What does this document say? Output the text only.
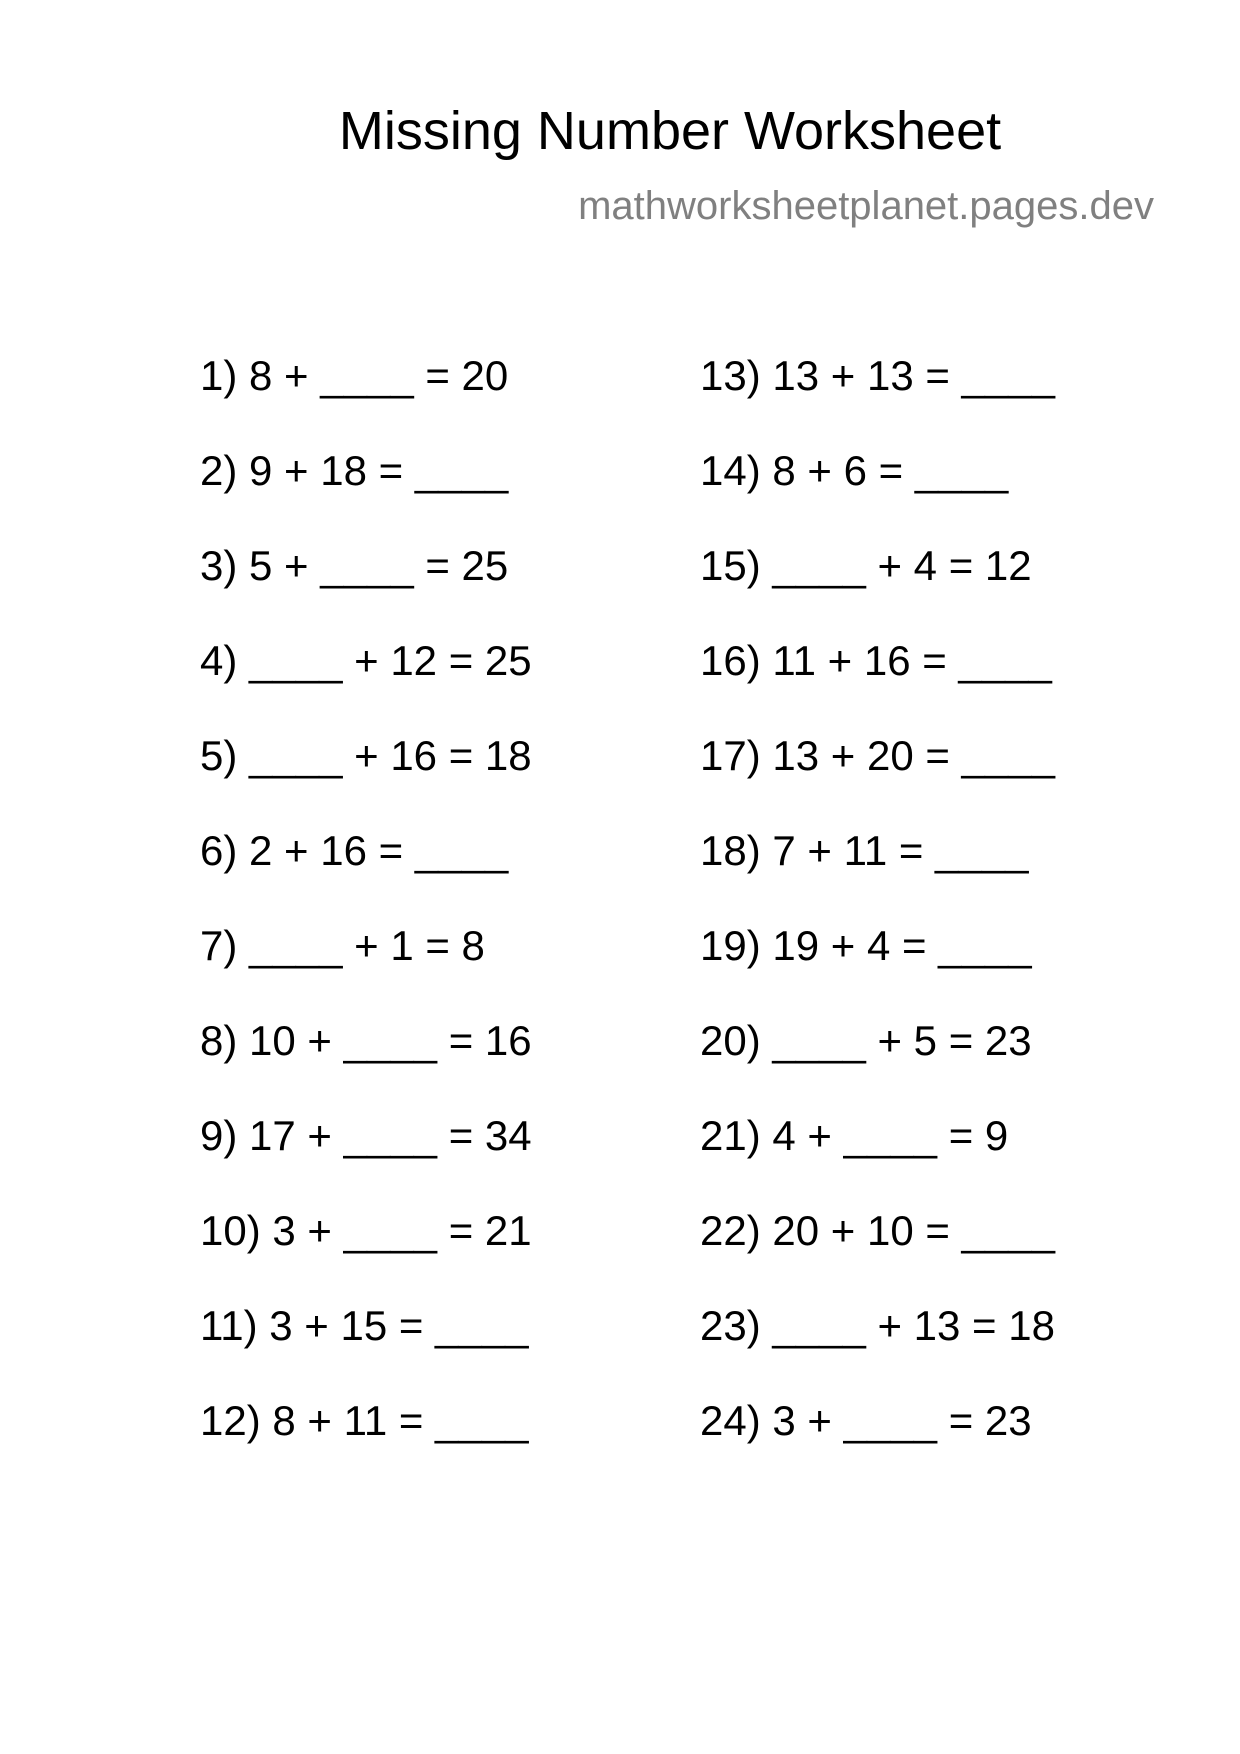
Missing Number Worksheet
mathworksheetplanet.pages.dev
1) 8 + ____ = 20
2) 9 + 18 = ____
3) 5 + ____ = 25
4) ____ + 12 = 25
5) ____ + 16 = 18
6) 2 + 16 = ____
7) ____ + 1 = 8
8) 10 + ____ = 16
9) 17 + ____ = 34
10) 3 + ____ = 21
11) 3 + 15 = ____
12) 8 + 11 = ____
13) 13 + 13 = ____
14) 8 + 6 = ____
15) ____ + 4 = 12
16) 11 + 16 = ____
17) 13 + 20 = ____
18) 7 + 11 = ____
19) 19 + 4 = ____
20) ____ + 5 = 23
21) 4 + ____ = 9
22) 20 + 10 = ____
23) ____ + 13 = 18
24) 3 + ____ = 23
